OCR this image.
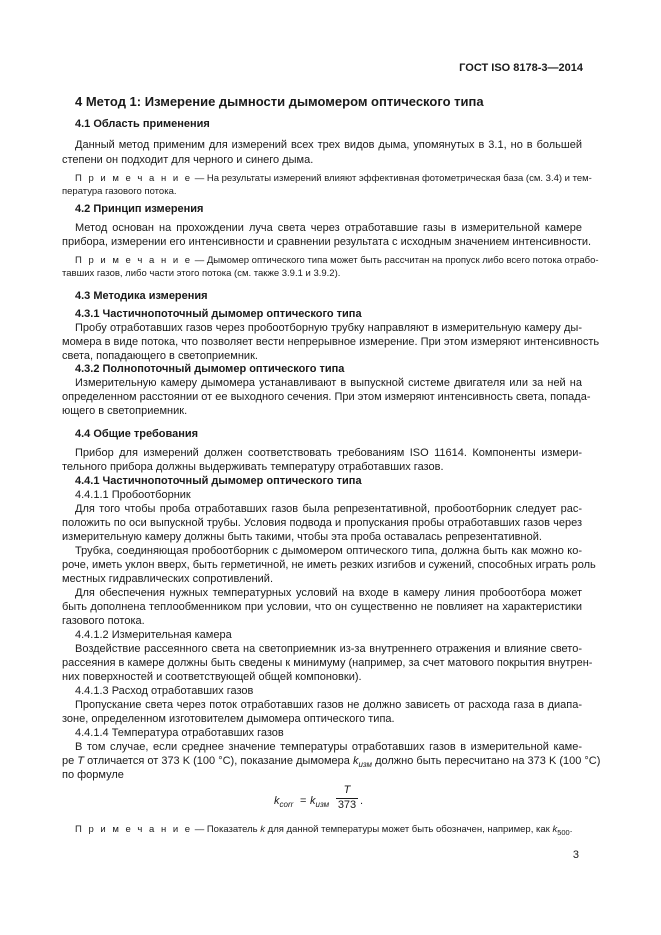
ГОСТ ISO 8178-3—2014
4 Метод 1: Измерение дымности дымомером оптического типа
4.1 Область применения
Данный метод применим для измерений всех трех видов дыма, упомянутых в 3.1, но в большей
степени он подходит для черного и синего дыма.
П р и м е ч а н и е — На результаты измерений влияют эффективная фотометрическая база (см. 3.4) и тем-
пература газового потока.
4.2 Принцип измерения
Метод основан на прохождении луча света через отработавшие газы в измерительной камере
прибора, измерении его интенсивности и сравнении результата с исходным значением интенсивности.
П р и м е ч а н и е — Дымомер оптического типа может быть рассчитан на пропуск либо всего потока отрабо-
тавших газов, либо части этого потока (см. также 3.9.1 и 3.9.2).
4.3 Методика измерения
4.3.1 Частичнопоточный дымомер оптического типа
Пробу отработавших газов через пробоотборную трубку направляют в измерительную камеру ды-
момера в виде потока, что позволяет вести непрерывное измерение. При этом измеряют интенсивность
света, попадающего в светоприемник.
4.3.2 Полнопоточный дымомер оптического типа
Измерительную камеру дымомера устанавливают в выпускной системе двигателя или за ней на
определенном расстоянии от ее выходного сечения. При этом измеряют интенсивность света, попада-
ющего в светоприемник.
4.4 Общие требования
Прибор для измерений должен соответствовать требованиям ISO 11614. Компоненты измери-
тельного прибора должны выдерживать температуру отработавших газов.
4.4.1 Частичнопоточный дымомер оптического типа
4.4.1.1 Пробоотборник
Для того чтобы проба отработавших газов была репрезентативной, пробоотборник следует рас-
положить по оси выпускной трубы. Условия подвода и пропускания пробы отработавших газов через
измерительную камеру должны быть такими, чтобы эта проба оставалась репрезентативной.
Трубка, соединяющая пробоотборник с дымомером оптического типа, должна быть как можно ко-
роче, иметь уклон вверх, быть герметичной, не иметь резких изгибов и сужений, способных играть роль
местных гидравлических сопротивлений.
Для обеспечения нужных температурных условий на входе в камеру линия пробоотбора может
быть дополнена теплообменником при условии, что он существенно не повлияет на характеристики
газового потока.
4.4.1.2 Измерительная камера
Воздействие рассеянного света на светоприемник из-за внутреннего отражения и влияние свето-
рассеяния в камере должны быть сведены к минимуму (например, за счет матового покрытия внутрен-
них поверхностей и соответствующей общей компоновки).
4.4.1.3 Расход отработавших газов
Пропускание света через поток отработавших газов не должно зависеть от расхода газа в диапа-
зоне, определенном изготовителем дымомера оптического типа.
4.4.1.4 Температура отработавших газов
В том случае, если среднее значение температуры отработавших газов в измерительной каме-
ре T отличается от 373 K (100 °C), показание дымомера $k_{изм}$ должно быть пересчитано на 373 K (100 °C)
по формуле
$k_{corr} = k_{изм} \frac{T}{373}$ .
П р и м е ч а н и е — Показатель k для данной температуры может быть обозначен, например, как $k_{500}$.
3
